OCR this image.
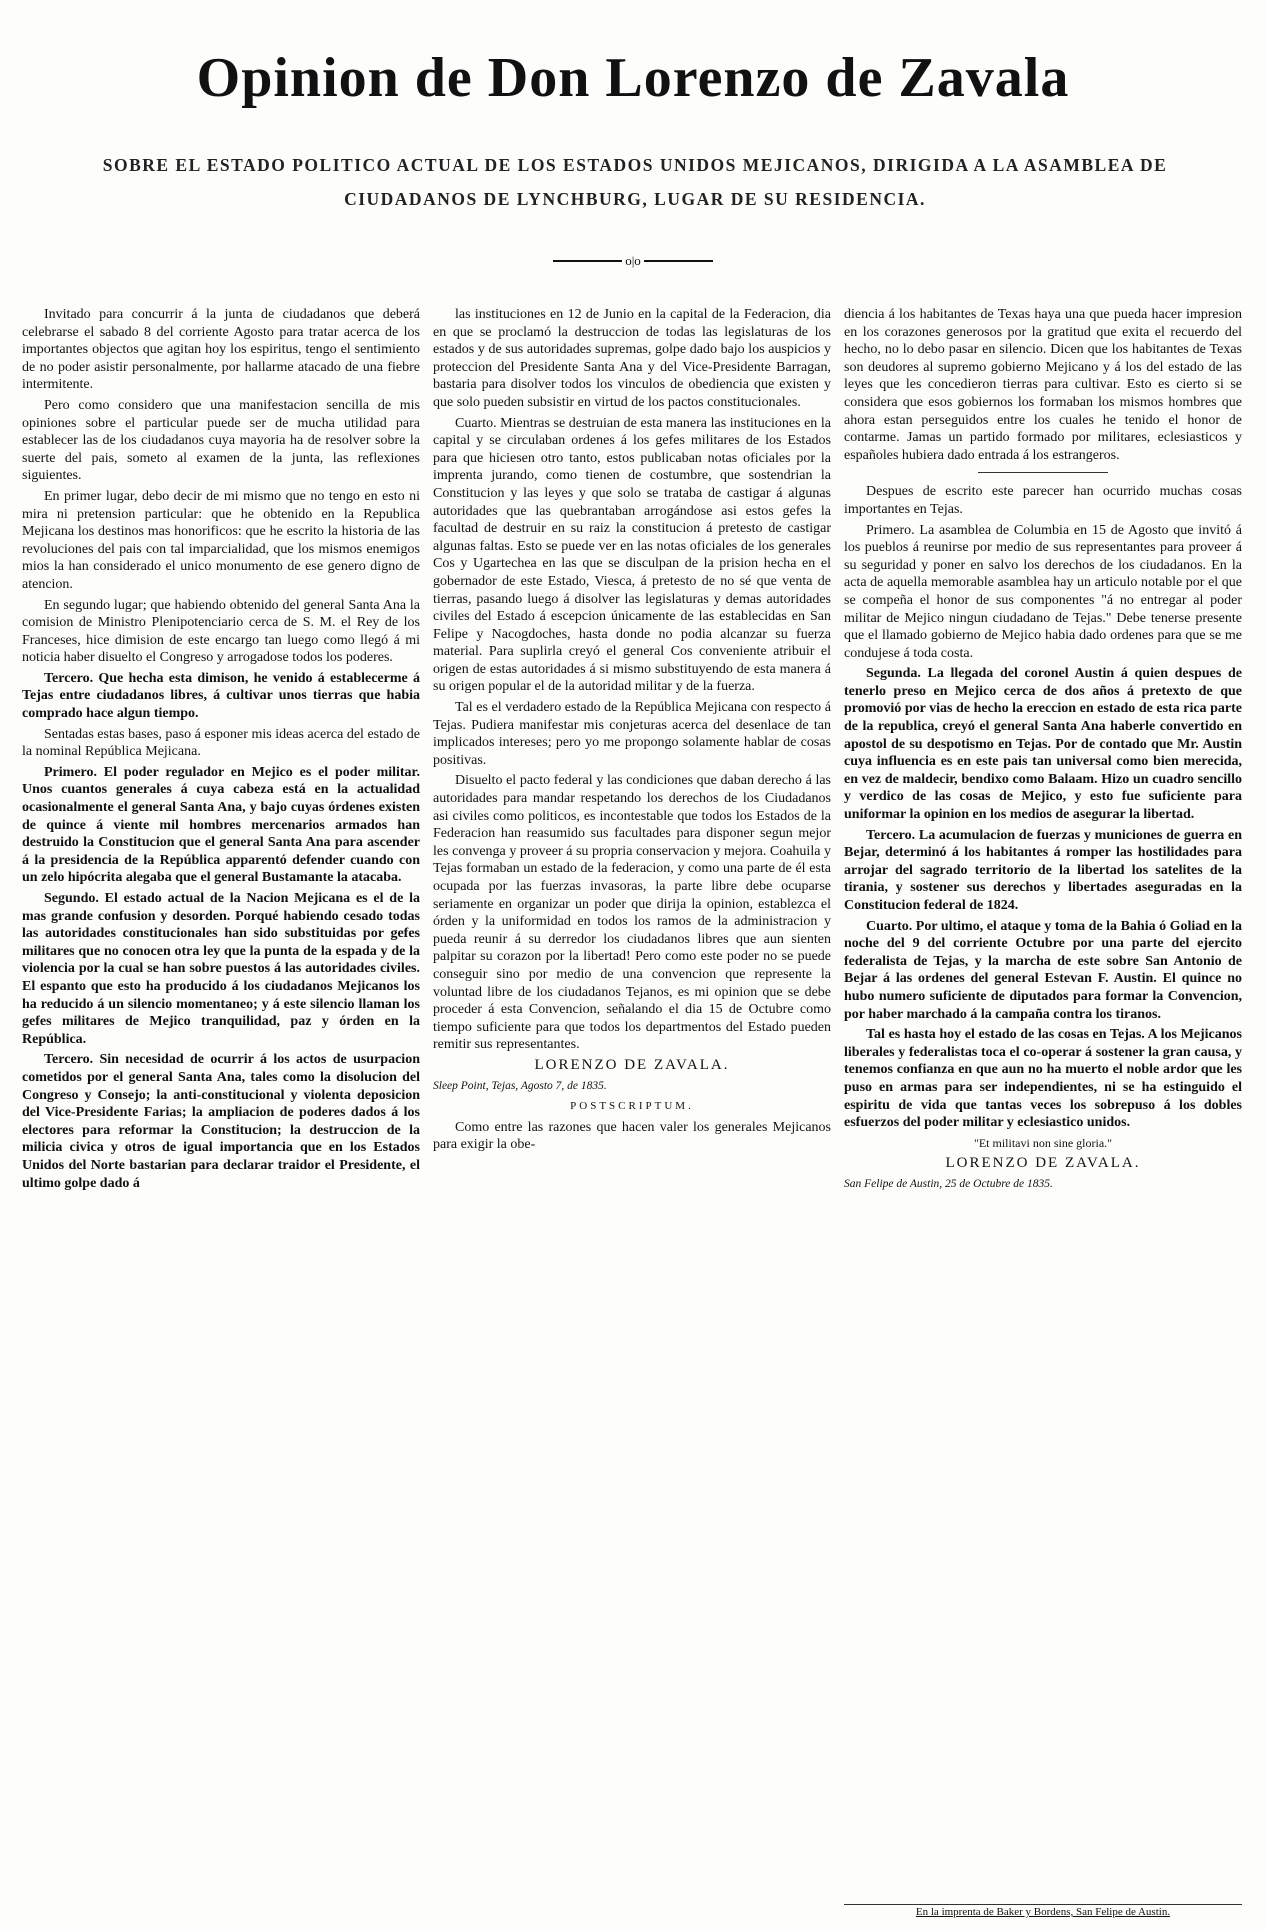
Opinion de Don Lorenzo de Zavala

SOBRE EL ESTADO POLITICO ACTUAL DE LOS ESTADOS UNIDOS MEJICANOS, DIRIGIDA A LA ASAMBLEA DE CIUDADANOS DE LYNCHBURG, LUGAR DE SU RESIDENCIA.

o|o

Invitado para concurrir á la junta de ciudadanos que deberá celebrarse el sabado 8 del corriente Agosto para tratar acerca de los importantes objectos que agitan hoy los espiritus, tengo el sentimiento de no poder asistir personalmente, por hallarme atacado de una fiebre intermitente.

Pero como considero que una manifestacion sencilla de mis opiniones sobre el particular puede ser de mucha utilidad para establecer las de los ciudadanos cuya mayoria ha de resolver sobre la suerte del pais, someto al examen de la junta, las reflexiones siguientes.

En primer lugar, debo decir de mi mismo que no tengo en esto ni mira ni pretension particular: que he obtenido en la Republica Mejicana los destinos mas honorificos: que he escrito la historia de las revoluciones del pais con tal imparcialidad, que los mismos enemigos mios la han considerado el unico monumento de ese genero digno de atencion.

En segundo lugar; que habiendo obtenido del general Santa Ana la comision de Ministro Plenipotenciario cerca de S. M. el Rey de los Franceses, hice dimision de este encargo tan luego como llegó á mi noticia haber disuelto el Congreso y arrogadose todos los poderes.

Tercero. Que hecha esta dimison, he venido á establecerme á Tejas entre ciudadanos libres, á cultivar unos tierras que habia comprado hace algun tiempo.

Sentadas estas bases, paso á esponer mis ideas acerca del estado de la nominal República Mejicana.

Primero. El poder regulador en Mejico es el poder militar. Unos cuantos generales á cuya cabeza está en la actualidad ocasionalmente el general Santa Ana, y bajo cuyas órdenes existen de quince á viente mil hombres mercenarios armados han destruido la Constitucion que el general Santa Ana para ascender á la presidencia de la República apparentó defender cuando con un zelo hipócrita alegaba que el general Bustamante la atacaba.

Segundo. El estado actual de la Nacion Mejicana es el de la mas grande confusion y desorden. Porqué habiendo cesado todas las autoridades constitucionales han sido substituidas por gefes militares que no conocen otra ley que la punta de la espada y de la violencia por la cual se han sobre puestos á las autoridades civiles. El espanto que esto ha producido á los ciudadanos Mejicanos los ha reducido á un silencio momentaneo; y á este silencio llaman los gefes militares de Mejico tranquilidad, paz y órden en la República.

Tercero. Sin necesidad de ocurrir á los actos de usurpacion cometidos por el general Santa Ana, tales como la disolucion del Congreso y Consejo; la anti-constitucional y violenta deposicion del Vice-Presidente Farias; la ampliacion de poderes dados á los electores para reformar la Constitucion; la destruccion de la milicia civica y otros de igual importancia que en los Estados Unidos del Norte bastarian para declarar traidor el Presidente, el ultimo golpe dado á

las instituciones en 12 de Junio en la capital de la Federacion, dia en que se proclamó la destruccion de todas las legislaturas de los estados y de sus autoridades supremas, golpe dado bajo los auspicios y proteccion del Presidente Santa Ana y del Vice-Presidente Barragan, bastaria para disolver todos los vinculos de obediencia que existen y que solo pueden subsistir en virtud de los pactos constitucionales.

Cuarto. Mientras se destruian de esta manera las instituciones en la capital y se circulaban ordenes á los gefes militares de los Estados para que hiciesen otro tanto, estos publicaban notas oficiales por la imprenta jurando, como tienen de costumbre, que sostendrian la Constitucion y las leyes y que solo se trataba de castigar á algunas autoridades que las quebrantaban arrogándose asi estos gefes la facultad de destruir en su raiz la constitucion á pretesto de castigar algunas faltas. Esto se puede ver en las notas oficiales de los generales Cos y Ugartechea en las que se disculpan de la prision hecha en el gobernador de este Estado, Viesca, á pretesto de no sé que venta de tierras, pasando luego á disolver las legislaturas y demas autoridades civiles del Estado á escepcion únicamente de las establecidas en San Felipe y Nacogdoches, hasta donde no podia alcanzar su fuerza material. Para suplirla creyó el general Cos conveniente atribuir el origen de estas autoridades á si mismo substituyendo de esta manera á su origen popular el de la autoridad militar y de la fuerza.

Tal es el verdadero estado de la República Mejicana con respecto á Tejas. Pudiera manifestar mis conjeturas acerca del desenlace de tan implicados intereses; pero yo me propongo solamente hablar de cosas positivas.

Disuelto el pacto federal y las condiciones que daban derecho á las autoridades para mandar respetando los derechos de los Ciudadanos asi civiles como politicos, es incontestable que todos los Estados de la Federacion han reasumido sus facultades para disponer segun mejor les convenga y proveer á su propria conservacion y mejora. Coahuila y Tejas formaban un estado de la federacion, y como una parte de él esta ocupada por las fuerzas invasoras, la parte libre debe ocuparse seriamente en organizar un poder que dirija la opinion, establezca el órden y la uniformidad en todos los ramos de la administracion y pueda reunir á su derredor los ciudadanos libres que aun sienten palpitar su corazon por la libertad! Pero como este poder no se puede conseguir sino por medio de una convencion que represente la voluntad libre de los ciudadanos Tejanos, es mi opinion que se debe proceder á esta Convencion, señalando el dia 15 de Octubre como tiempo suficiente para que todos los departmentos del Estado pueden remitir sus representantes.

LORENZO DE ZAVALA.

Sleep Point, Tejas, Agosto 7, de 1835.

POSTSCRIPTUM.

Como entre las razones que hacen valer los generales Mejicanos para exigir la obe-

diencia á los habitantes de Texas haya una que pueda hacer impresion en los corazones generosos por la gratitud que exita el recuerdo del hecho, no lo debo pasar en silencio. Dicen que los habitantes de Texas son deudores al supremo gobierno Mejicano y á los del estado de las leyes que les concedieron tierras para cultivar. Esto es cierto si se considera que esos gobiernos los formaban los mismos hombres que ahora estan perseguidos entre los cuales he tenido el honor de contarme. Jamas un partido formado por militares, eclesiasticos y españoles hubiera dado entrada á los estrangeros.

Despues de escrito este parecer han ocurrido muchas cosas importantes en Tejas.

Primero. La asamblea de Columbia en 15 de Agosto que invitó á los pueblos á reunirse por medio de sus representantes para proveer á su seguridad y poner en salvo los derechos de los ciudadanos. En la acta de aquella memorable asamblea hay un articulo notable por el que se compeña el honor de sus componentes "á no entregar al poder militar de Mejico ningun ciudadano de Tejas." Debe tenerse presente que el llamado gobierno de Mejico habia dado ordenes para que se me condujese á toda costa.

Segunda. La llegada del coronel Austin á quien despues de tenerlo preso en Mejico cerca de dos años á pretexto de que promovió por vias de hecho la ereccion en estado de esta rica parte de la republica, creyó el general Santa Ana haberle convertido en apostol de su despotismo en Tejas. Por de contado que Mr. Austin cuya influencia es en este pais tan universal como bien merecida, en vez de maldecir, bendixo como Balaam. Hizo un cuadro sencillo y verdico de las cosas de Mejico, y esto fue suficiente para uniformar la opinion en los medios de asegurar la libertad.

Tercero. La acumulacion de fuerzas y municiones de guerra en Bejar, determinó á los habitantes á romper las hostilidades para arrojar del sagrado territorio de la libertad los satelites de la tirania, y sostener sus derechos y libertades aseguradas en la Constitucion federal de 1824.

Cuarto. Por ultimo, el ataque y toma de la Bahia ó Goliad en la noche del 9 del corriente Octubre por una parte del ejercito federalista de Tejas, y la marcha de este sobre San Antonio de Bejar á las ordenes del general Estevan F. Austin. El quince no hubo numero suficiente de diputados para formar la Convencion, por haber marchado á la campaña contra los tiranos.

Tal es hasta hoy el estado de las cosas en Tejas. A los Mejicanos liberales y federalistas toca el co-operar á sostener la gran causa, y tenemos confianza en que aun no ha muerto el noble ardor que les puso en armas para ser independientes, ni se ha estinguido el espiritu de vida que tantas veces los sobrepuso á los dobles esfuerzos del poder militar y eclesiastico unidos.

"Et militavi non sine gloria."

LORENZO DE ZAVALA.

San Felipe de Austin, 25 de Octubre de 1835.

En la imprenta de Baker y Bordens, San Felipe de Austin.
